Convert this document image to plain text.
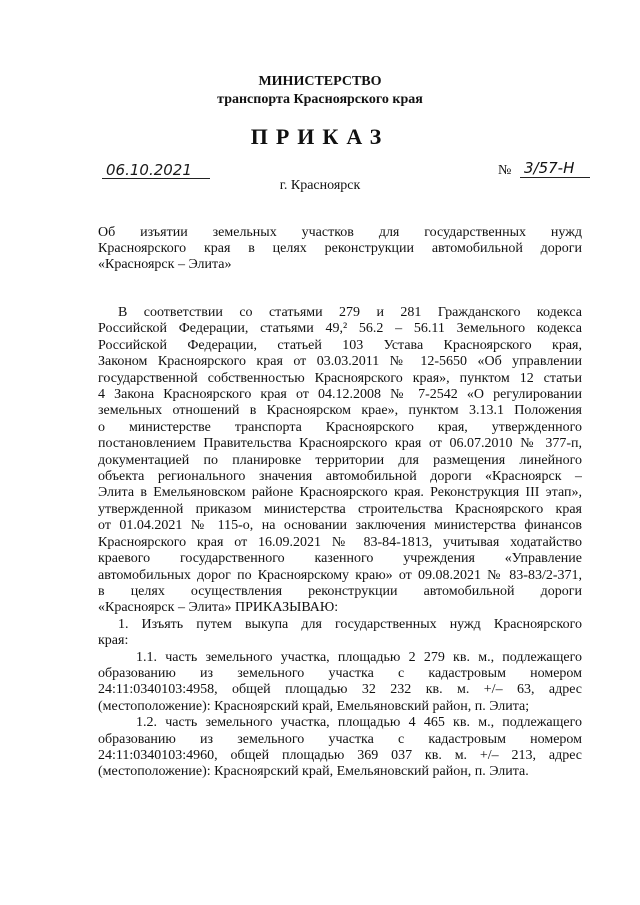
МИНИСТЕРСТВО
транспорта Красноярского края
ПРИКАЗ
06.10.2021	№ 3/57-Н
г. Красноярск
Об изъятии земельных участков для государственных нужд
Красноярского края в целях реконструкции автомобильной дороги
«Красноярск – Элита»
В соответствии со статьями 279 и 281 Гражданского кодекса
Российской Федерации, статьями 49,² 56.2 – 56.11 Земельного кодекса
Российской Федерации, статьей 103 Устава Красноярского края,
Законом Красноярского края от 03.03.2011 № 12-5650 «Об управлении
государственной собственностью Красноярского края», пунктом 12 статьи
4 Закона Красноярского края от 04.12.2008 № 7-2542 «О регулировании
земельных отношений в Красноярском крае», пунктом 3.13.1 Положения
о министерстве транспорта Красноярского края, утвержденного
постановлением Правительства Красноярского края от 06.07.2010 № 377-п,
документацией по планировке территории для размещения линейного
объекта регионального значения автомобильной дороги «Красноярск –
Элита в Емельяновском районе Красноярского края. Реконструкция III этап»,
утвержденной приказом министерства строительства Красноярского края
от 01.04.2021 № 115-о, на основании заключения министерства финансов
Красноярского края от 16.09.2021 № 83-84-1813, учитывая ходатайство
краевого государственного казенного учреждения «Управление
автомобильных дорог по Красноярскому краю» от 09.08.2021 № 83-83/2-371,
в целях осуществления реконструкции автомобильной дороги
«Красноярск – Элита» ПРИКАЗЫВАЮ:
1. Изъять путем выкупа для государственных нужд Красноярского
края:
1.1. часть земельного участка, площадью 2 279 кв. м., подлежащего
образованию из земельного участка с кадастровым номером
24:11:0340103:4958, общей площадью 32 232 кв. м. +/– 63, адрес
(местоположение): Красноярский край, Емельяновский район, п. Элита;
1.2. часть земельного участка, площадью 4 465 кв. м., подлежащего
образованию из земельного участка с кадастровым номером
24:11:0340103:4960, общей площадью 369 037 кв. м. +/– 213, адрес
(местоположение): Красноярский край, Емельяновский район, п. Элита.
